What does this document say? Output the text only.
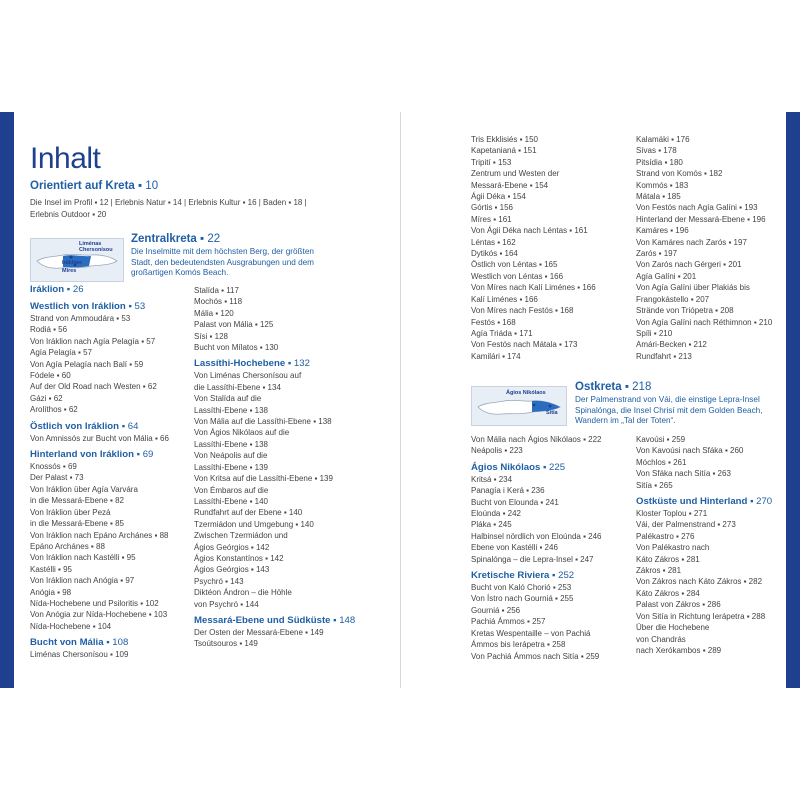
Inhalt
Orientiert auf Kreta ▪ 10
Die Insel im Profil ▪ 12 | Erlebnis Natur ▪ 14 | Erlebnis Kultur ▪ 16 | Baden ▪ 18 | Erlebnis Outdoor ▪ 20
Liménas Chersonísou
Iráklion
Míres
Zentralkreta ▪ 22
Die Inselmitte mit dem höchsten Berg, der größten Stadt, den bedeutendsten Ausgrabungen und dem großartigen Komós Beach.
Iráklion ▪ 26
Westlich von Iráklion ▪ 53
Strand von Ammoudára ▪ 53
Rodiá ▪ 56
Von Iráklion nach Agía Pelagía ▪ 57
Agía Pelagía ▪ 57
Von Agía Pelagía nach Balí ▪ 59
Fódele ▪ 60
Auf der Old Road nach Westen ▪ 62
Gázi ▪ 62
Arolíthos ▪ 62
Östlich von Iráklion ▪ 64
Von Amnissós zur Bucht von Mália ▪ 66
Hinterland von Iráklion ▪ 69
Knossós ▪ 69
Der Palast ▪ 73
Von Iráklion über Agía Varvára
in die Messará-Ebene ▪ 82
Von Iráklion über Pezá
in die Messará-Ebene ▪ 85
Von Iráklion nach Epáno Archánes ▪ 88
Epáno Archánes ▪ 88
Von Iráklion nach Kastélli ▪ 95
Kastélli ▪ 95
Von Iráklion nach Anógia ▪ 97
Anógia ▪ 98
Nída-Hochebene und Psiloritis ▪ 102
Von Anógia zur Nída-Hochebene ▪ 103
Nída-Hochebene ▪ 104
Bucht von Mália ▪ 108
Liménas Chersonísou ▪ 109
Stalída ▪ 117
Mochós ▪ 118
Mália ▪ 120
Palast von Mália ▪ 125
Sísi ▪ 128
Bucht von Mílatos ▪ 130
Lassíthi-Hochebene ▪ 132
Von Liménas Chersonísou auf
die Lassíthi-Ebene ▪ 134
Von Stalída auf die
Lassíthi-Ebene ▪ 138
Von Mália auf die Lassíthi-Ebene ▪ 138
Von Ágios Nikólaos auf die
Lassíthi-Ebene ▪ 138
Von Neápolis auf die
Lassíthi-Ebene ▪ 139
Von Kritsa auf die Lassíthi-Ebene ▪ 139
Von Émbaros auf die
Lassíthi-Ebene ▪ 140
Rundfahrt auf der Ebene ▪ 140
Tzermiádon und Umgebung ▪ 140
Zwischen Tzermiádon und
Ágios Geórgios ▪ 142
Ágios Konstantínos ▪ 142
Ágios Geórgios ▪ 143
Psychró ▪ 143
Diktéon Ándron – die Höhle
von Psychró ▪ 144
Messará-Ebene und Südküste ▪ 148
Der Osten der Messará-Ebene ▪ 149
Tsoútsouros ▪ 149
Tris Ekklisiés ▪ 150
Kapetanianá ▪ 151
Tripití ▪ 153
Zentrum und Westen der
Messará-Ebene ▪ 154
Ágii Déka ▪ 154
Górtis ▪ 156
Míres ▪ 161
Von Ágii Déka nach Léntas ▪ 161
Léntas ▪ 162
Dytikós ▪ 164
Östlich von Léntas ▪ 165
Westlich von Léntas ▪ 166
Von Míres nach Kalí Liménes ▪ 166
Kalí Liménes ▪ 166
Von Míres nach Festós ▪ 168
Festós ▪ 168
Agía Triáda ▪ 171
Von Festós nach Mátala ▪ 173
Kamilári ▪ 174
Kalamáki ▪ 176
Sívas ▪ 178
Pitsídia ▪ 180
Strand von Komós ▪ 182
Kommós ▪ 183
Mátala ▪ 185
Von Festós nach Agía Galíni ▪ 193
Hinterland der Messará-Ebene ▪ 196
Kamáres ▪ 196
Von Kamáres nach Zarós ▪ 197
Zarós ▪ 197
Von Zarós nach Gérgeri ▪ 201
Agía Galíni ▪ 201
Von Agía Galíni über Plakiás bis
Frangokástello ▪ 207
Strände von Triópetra ▪ 208
Von Agía Galíni nach Réthimnon ▪ 210
Spíli ▪ 210
Amári-Becken ▪ 212
Rundfahrt ▪ 213
Ágios Nikólaos
Sitía
Ostkreta ▪ 218
Der Palmenstrand von Vái, die einstige Lepra-Insel Spinalónga, die Insel Chrisí mit dem Golden Beach, Wandern im „Tal der Toten“.
Von Mália nach Ágios Nikólaos ▪ 222
Neápolis ▪ 223
Ágios Nikólaos ▪ 225
Kritsá ▪ 234
Panagía i Kerá ▪ 236
Bucht von Elounda ▪ 241
Eloúnda ▪ 242
Pláka ▪ 245
Halbinsel nördlich von Eloúnda ▪ 246
Ebene von Kastélli ▪ 246
Spinalónga – die Lepra-Insel ▪ 247
Kretische Riviera ▪ 252
Bucht von Kaló Chorió ▪ 253
Von Ístro nach Gourniá ▪ 255
Gourniá ▪ 256
Pachiá Ámmos ▪ 257
Kretas Wespentaille – von Pachiá
Ámmos bis Ierápetra ▪ 258
Von Pachiá Ámmos nach Sitía ▪ 259
Kavoúsi ▪ 259
Von Kavoúsi nach Sfáka ▪ 260
Móchlos ▪ 261
Von Sfáka nach Sitía ▪ 263
Sitía ▪ 265
Ostküste und Hinterland ▪ 270
Kloster Toplou ▪ 271
Vái, der Palmenstrand ▪ 273
Palékastro ▪ 276
Von Palékastro nach
Káto Zákros ▪ 281
Zákros ▪ 281
Von Zákros nach Káto Zákros ▪ 282
Káto Zákros ▪ 284
Palast von Zákros ▪ 286
Von Sitía in Richtung Ierápetra ▪ 288
Über die Hochebene
von Chandrás
nach Xerókambos ▪ 289
